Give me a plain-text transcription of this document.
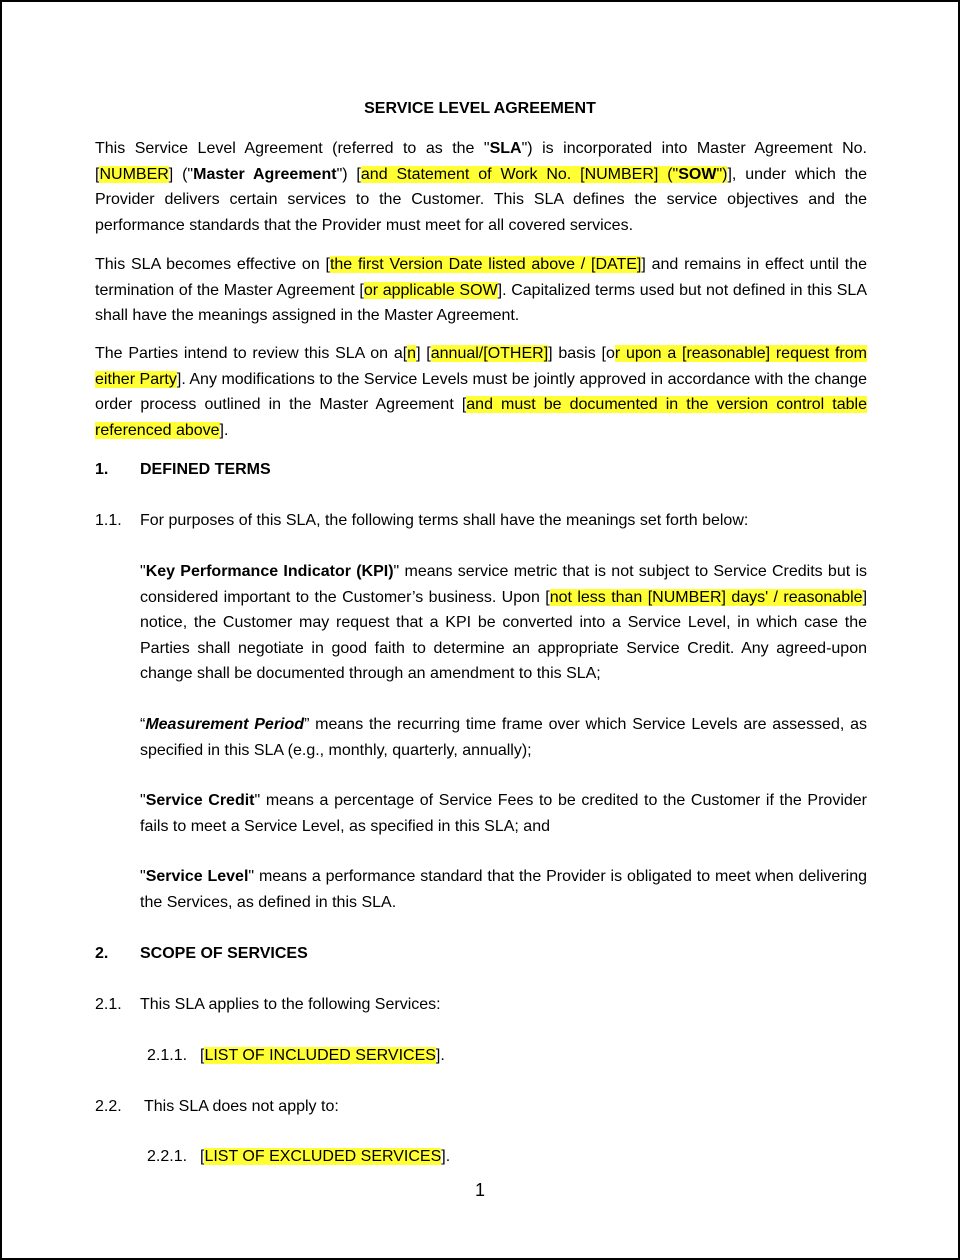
SERVICE LEVEL AGREEMENT

This Service Level Agreement (referred to as the "SLA") is incorporated into Master Agreement No. [NUMBER] ("Master Agreement") [and Statement of Work No. [NUMBER] ("SOW")], under which the Provider delivers certain services to the Customer. This SLA defines the service objectives and the performance standards that the Provider must meet for all covered services.

This SLA becomes effective on [the first Version Date listed above / [DATE]] and remains in effect until the termination of the Master Agreement [or applicable SOW]. Capitalized terms used but not defined in this SLA shall have the meanings assigned in the Master Agreement.

The Parties intend to review this SLA on a[n] [annual/[OTHER]] basis [or upon a [reasonable] request from either Party]. Any modifications to the Service Levels must be jointly approved in accordance with the change order process outlined in the Master Agreement [and must be documented in the version control table referenced above].

1. DEFINED TERMS
1.1. For purposes of this SLA, the following terms shall have the meanings set forth below:

"Key Performance Indicator (KPI)" means service metric that is not subject to Service Credits but is considered important to the Customer’s business. Upon [not less than [NUMBER] days' / reasonable] notice, the Customer may request that a KPI be converted into a Service Level, in which case the Parties shall negotiate in good faith to determine an appropriate Service Credit. Any agreed-upon change shall be documented through an amendment to this SLA;

“Measurement Period” means the recurring time frame over which Service Levels are assessed, as specified in this SLA (e.g., monthly, quarterly, annually);

"Service Credit" means a percentage of Service Fees to be credited to the Customer if the Provider fails to meet a Service Level, as specified in this SLA; and

"Service Level" means a performance standard that the Provider is obligated to meet when delivering the Services, as defined in this SLA.

2. SCOPE OF SERVICES
2.1. This SLA applies to the following Services:
2.1.1. [LIST OF INCLUDED SERVICES].
2.2. This SLA does not apply to:
2.2.1. [LIST OF EXCLUDED SERVICES].
1
